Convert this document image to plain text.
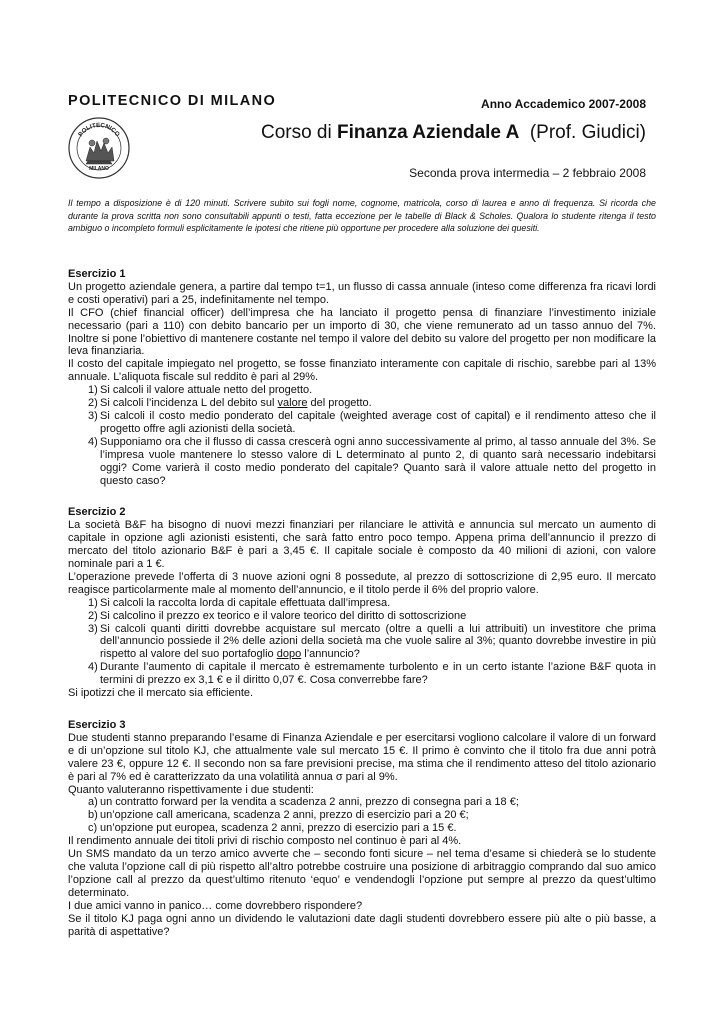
POLITECNICO DI MILANO	Anno Accademico 2007-2008
POLITECNICO
MILANO
Corso di Finanza Aziendale A (Prof. Giudici)
Seconda prova intermedia – 2 febbraio 2008
Il tempo a disposizione è di 120 minuti. Scrivere subito sui fogli nome, cognome, matricola, corso di laurea e anno di frequenza. Si ricorda che durante la prova scritta non sono consultabili appunti o testi, fatta eccezione per le tabelle di Black & Scholes. Qualora lo studente ritenga il testo ambiguo o incompleto formuli esplicitamente le ipotesi che ritiene più opportune per procedere alla soluzione dei quesiti.
Esercizio 1
Un progetto aziendale genera, a partire dal tempo t=1, un flusso di cassa annuale (inteso come differenza fra ricavi lordi e costi operativi) pari a 25, indefinitamente nel tempo.
Il CFO (chief financial officer) dell’impresa che ha lanciato il progetto pensa di finanziare l’investimento iniziale necessario (pari a 110) con debito bancario per un importo di 30, che viene remunerato ad un tasso annuo del 7%. Inoltre si pone l’obiettivo di mantenere costante nel tempo il valore del debito su valore del progetto per non modificare la leva finanziaria.
Il costo del capitale impiegato nel progetto, se fosse finanziato interamente con capitale di rischio, sarebbe pari al 13% annuale. L’aliquota fiscale sul reddito è pari al 29%.
1) Si calcoli il valore attuale netto del progetto.
2) Si calcoli l’incidenza L del debito sul valore del progetto.
3) Si calcoli il costo medio ponderato del capitale (weighted average cost of capital) e il rendimento atteso che il progetto offre agli azionisti della società.
4) Supponiamo ora che il flusso di cassa crescerà ogni anno successivamente al primo, al tasso annuale del 3%. Se l’impresa vuole mantenere lo stesso valore di L determinato al punto 2, di quanto sarà necessario indebitarsi oggi? Come varierà il costo medio ponderato del capitale? Quanto sarà il valore attuale netto del progetto in questo caso?
Esercizio 2
La società B&F ha bisogno di nuovi mezzi finanziari per rilanciare le attività e annuncia sul mercato un aumento di capitale in opzione agli azionisti esistenti, che sarà fatto entro poco tempo. Appena prima dell’annuncio il prezzo di mercato del titolo azionario B&F è pari a 3,45 €. Il capitale sociale è composto da 40 milioni di azioni, con valore nominale pari a 1 €.
L’operazione prevede l’offerta di 3 nuove azioni ogni 8 possedute, al prezzo di sottoscrizione di 2,95 euro. Il mercato reagisce particolarmente male al momento dell’annuncio, e il titolo perde il 6% del proprio valore.
1) Si calcoli la raccolta lorda di capitale effettuata dall’impresa.
2) Si calcolino il prezzo ex teorico e il valore teorico del diritto di sottoscrizione
3) Si calcoli quanti diritti dovrebbe acquistare sul mercato (oltre a quelli a lui attribuiti) un investitore che prima dell’annuncio possiede il 2% delle azioni della società ma che vuole salire al 3%; quanto dovrebbe investire in più rispetto al valore del suo portafoglio dopo l’annuncio?
4) Durante l’aumento di capitale il mercato è estremamente turbolento e in un certo istante l’azione B&F quota in termini di prezzo ex 3,1 € e il diritto 0,07 €. Cosa converrebbe fare?
Si ipotizzi che il mercato sia efficiente.
Esercizio 3
Due studenti stanno preparando l’esame di Finanza Aziendale e per esercitarsi vogliono calcolare il valore di un forward e di un’opzione sul titolo KJ, che attualmente vale sul mercato 15 €. Il primo è convinto che il titolo fra due anni potrà valere 23 €, oppure 12 €. Il secondo non sa fare previsioni precise, ma stima che il rendimento atteso del titolo azionario è pari al 7% ed è caratterizzato da una volatilità annua σ pari al 9%.
Quanto valuteranno rispettivamente i due studenti:
a) un contratto forward per la vendita a scadenza 2 anni, prezzo di consegna pari a 18 €;
b) un’opzione call americana, scadenza 2 anni, prezzo di esercizio pari a 20 €;
c) un’opzione put europea, scadenza 2 anni, prezzo di esercizio pari a 15 €.
Il rendimento annuale dei titoli privi di rischio composto nel continuo è pari al 4%.
Un SMS mandato da un terzo amico avverte che – secondo fonti sicure – nel tema d’esame si chiederà se lo studente che valuta l’opzione call di più rispetto all’altro potrebbe costruire una posizione di arbitraggio comprando dal suo amico l’opzione call al prezzo da quest’ultimo ritenuto ‘equo’ e vendendogli l’opzione put sempre al prezzo da quest’ultimo determinato.
I due amici vanno in panico… come dovrebbero rispondere?
Se il titolo KJ paga ogni anno un dividendo le valutazioni date dagli studenti dovrebbero essere più alte o più basse, a parità di aspettative?
